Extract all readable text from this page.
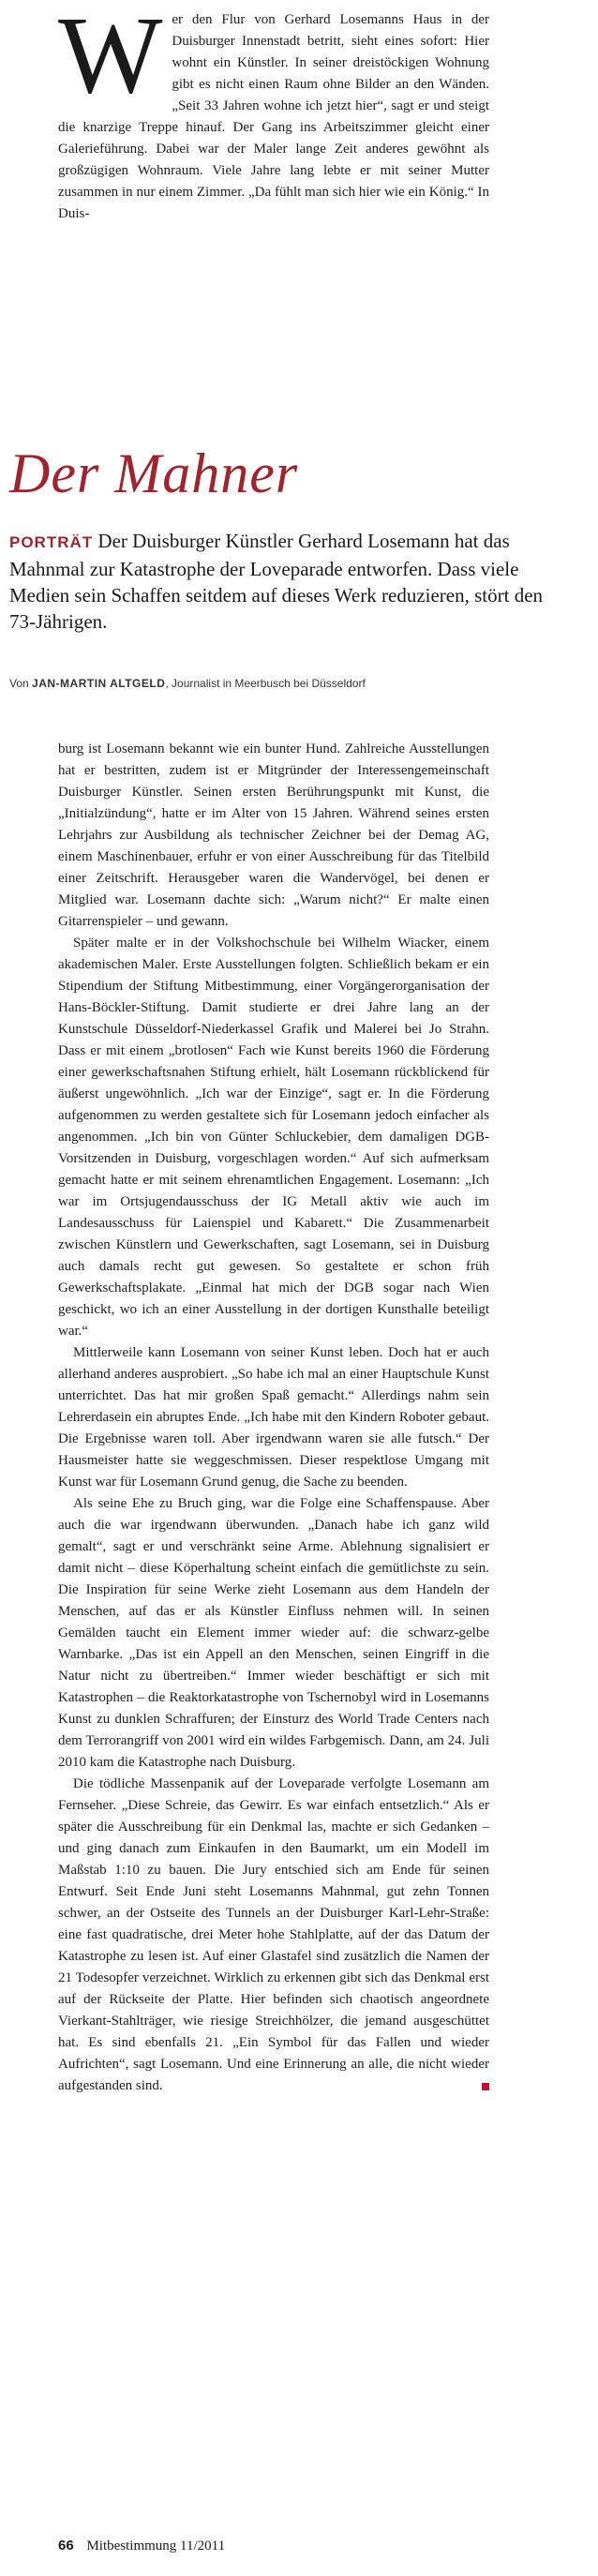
W er den Flur von Gerhard Losemanns Haus in der Duisburger Innenstadt betritt, sieht eines sofort: Hier wohnt ein Künstler. In seiner dreistöckigen Wohnung gibt es nicht einen Raum ohne Bilder an den Wänden. „Seit 33 Jahren wohne ich jetzt hier“, sagt er und steigt die knarzige Treppe hinauf. Der Gang ins Arbeitszimmer gleicht einer Galerieführung. Dabei war der Maler lange Zeit anderes gewöhnt als großzügigen Wohnraum. Viele Jahre lang lebte er mit seiner Mutter zusammen in nur einem Zimmer. „Da fühlt man sich hier wie ein König.“ In Duis-

Der Mahner

PORTRÄT Der Duisburger Künstler Gerhard Losemann hat das Mahnmal zur Katastrophe der Loveparade entworfen. Dass viele Medien sein Schaffen seitdem auf dieses Werk reduzieren, stört den 73-Jährigen.

Von JAN-MARTIN ALTGELD, Journalist in Meerbusch bei Düsseldorf

burg ist Losemann bekannt wie ein bunter Hund. Zahlreiche Ausstellungen hat er bestritten, zudem ist er Mitgründer der Interessengemeinschaft Duisburger Künstler. Seinen ersten Berührungspunkt mit Kunst, die „Initialzündung“, hatte er im Alter von 15 Jahren. Während seines ersten Lehrjahrs zur Ausbildung als technischer Zeichner bei der Demag AG, einem Maschinenbauer, erfuhr er von einer Ausschreibung für das Titelbild einer Zeitschrift. Herausgeber waren die Wandervögel, bei denen er Mitglied war. Losemann dachte sich: „Warum nicht?“ Er malte einen Gitarrenspieler – und gewann.

Später malte er in der Volkshochschule bei Wilhelm Wiacker, einem akademischen Maler. Erste Ausstellungen folgten. Schließlich bekam er ein Stipendium der Stiftung Mitbestimmung, einer Vorgängerorganisation der Hans-Böckler-Stiftung. Damit studierte er drei Jahre lang an der Kunstschule Düsseldorf-Niederkassel Grafik und Malerei bei Jo Strahn. Dass er mit einem „brotlosen“ Fach wie Kunst bereits 1960 die Förderung einer gewerkschaftsnahen Stiftung erhielt, hält Losemann rückblickend für äußerst ungewöhnlich. „Ich war der Einzige“, sagt er. In die Förderung aufgenommen zu werden gestaltete sich für Losemann jedoch einfacher als angenommen. „Ich bin von Günter Schluckebier, dem damaligen DGB-Vorsitzenden in Duisburg, vorgeschlagen worden.“ Auf sich aufmerksam gemacht hatte er mit seinem ehrenamtlichen Engagement. Losemann: „Ich war im Ortsjugendausschuss der IG Metall aktiv wie auch im Landesausschuss für Laienspiel und Kabarett.“ Die Zusammenarbeit zwischen Künstlern und Gewerkschaften, sagt Losemann, sei in Duisburg auch damals recht gut gewesen. So gestaltete er schon früh Gewerkschaftsplakate. „Einmal hat mich der DGB sogar nach Wien geschickt, wo ich an einer Ausstellung in der dortigen Kunsthalle beteiligt war.“

Mittlerweile kann Losemann von seiner Kunst leben. Doch hat er auch allerhand anderes ausprobiert. „So habe ich mal an einer Hauptschule Kunst unterrichtet. Das hat mir großen Spaß gemacht.“ Allerdings nahm sein Lehrerdasein ein abruptes Ende. „Ich habe mit den Kindern Roboter gebaut. Die Ergebnisse waren toll. Aber irgendwann waren sie alle futsch.“ Der Hausmeister hatte sie weggeschmissen. Dieser respektlose Umgang mit Kunst war für Losemann Grund genug, die Sache zu beenden.

Als seine Ehe zu Bruch ging, war die Folge eine Schaffenspause. Aber auch die war irgendwann überwunden. „Danach habe ich ganz wild gemalt“, sagt er und verschränkt seine Arme. Ablehnung signalisiert er damit nicht – diese Köperhaltung scheint einfach die gemütlichste zu sein. Die Inspiration für seine Werke zieht Losemann aus dem Handeln der Menschen, auf das er als Künstler Einfluss nehmen will. In seinen Gemälden taucht ein Element immer wieder auf: die schwarz-gelbe Warnbarke. „Das ist ein Appell an den Menschen, seinen Eingriff in die Natur nicht zu übertreiben.“ Immer wieder beschäftigt er sich mit Katastrophen – die Reaktorkatastrophe von Tschernobyl wird in Losemanns Kunst zu dunklen Schraffuren; der Einsturz des World Trade Centers nach dem Terrorangriff von 2001 wird ein wildes Farbgemisch. Dann, am 24. Juli 2010 kam die Katastrophe nach Duisburg.

Die tödliche Massenpanik auf der Loveparade verfolgte Losemann am Fernseher. „Diese Schreie, das Gewirr. Es war einfach entsetzlich.“ Als er später die Ausschreibung für ein Denkmal las, machte er sich Gedanken – und ging danach zum Einkaufen in den Baumarkt, um ein Modell im Maßstab 1:10 zu bauen. Die Jury entschied sich am Ende für seinen Entwurf. Seit Ende Juni steht Losemanns Mahnmal, gut zehn Tonnen schwer, an der Ostseite des Tunnels an der Duisburger Karl-Lehr-Straße: eine fast quadratische, drei Meter hohe Stahlplatte, auf der das Datum der Katastrophe zu lesen ist. Auf einer Glastafel sind zusätzlich die Namen der 21 Todesopfer verzeichnet. Wirklich zu erkennen gibt sich das Denkmal erst auf der Rückseite der Platte. Hier befinden sich chaotisch angeordnete Vierkant-Stahlträger, wie riesige Streichhölzer, die jemand ausgeschüttet hat. Es sind ebenfalls 21. „Ein Symbol für das Fallen und wieder Aufrichten“, sagt Losemann. Und eine Erinnerung an alle, die nicht wieder aufgestanden sind.

66 Mitbestimmung 11/2011
